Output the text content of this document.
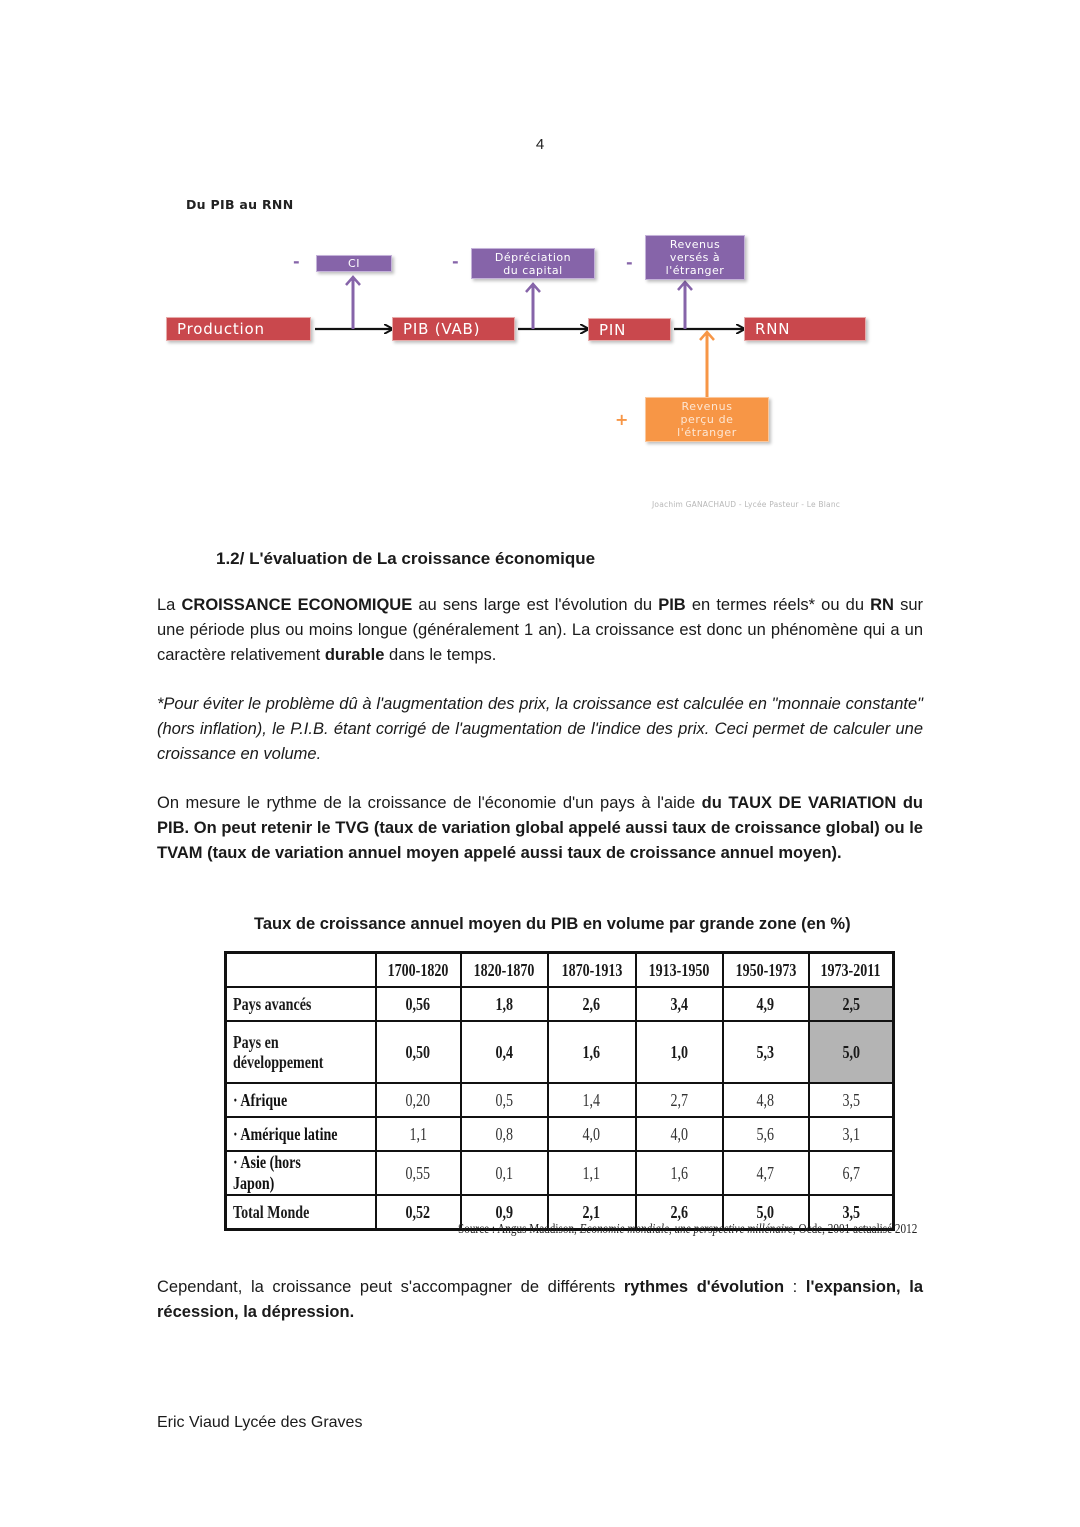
4
Du PIB au RNN
Production	PIB (VAB)	PIN	RNN
-	CI	-	Dépréciation
du capital	-
Revenus
versés à
l'étranger
+
Revenus
perçu de
l'étranger
Joachim GANACHAUD - Lycée Pasteur - Le Blanc
1.2/ L'évaluation de La croissance économique
La CROISSANCE ECONOMIQUE au sens large est l'évolution du PIB en termes réels* ou du RN sur une période plus ou moins longue (généralement 1 an). La croissance est donc un phénomène qui a un caractère relativement durable dans le temps.
*Pour éviter le problème dû à l'augmentation des prix, la croissance est calculée en "monnaie constante" (hors inflation), le P.I.B. étant corrigé de l'augmentation de l'indice des prix. Ceci permet de calculer une croissance en volume.
On mesure le rythme de la croissance de l'économie d'un pays à l'aide du TAUX DE VARIATION du PIB. On peut retenir le TVG (taux de variation global appelé aussi taux de croissance global) ou le TVAM (taux de variation annuel moyen appelé aussi taux de croissance annuel moyen).
Taux de croissance annuel moyen du PIB en volume par grande zone (en %)
	1700-1820	1820-1870	1870-1913	1913-1950	1950-1973	1973-2011
Pays avancés	0,56	1,8	2,6	3,4	4,9	2,5

Pays en
développement	0,50	0,4	1,6	1,0	5,3	5,0
· Afrique	0,20	0,5	1,4	2,7	4,8	3,5
· Amérique latine	1,1	0,8	4,0	4,0	5,6	3,1
· Asie (hors Japon)	0,55	0,1	1,1	1,6	4,7	6,7
Total Monde	0,52	0,9	2,1	2,6	5,0	3,5
Source : Angus Maddison, Economie mondiale, une perspective millénaire, Ocde, 2001 actualisé 2012
Cependant, la croissance peut s'accompagner de différents rythmes d'évolution : l'expansion, la récession, la dépression.
Eric Viaud Lycée des Graves
